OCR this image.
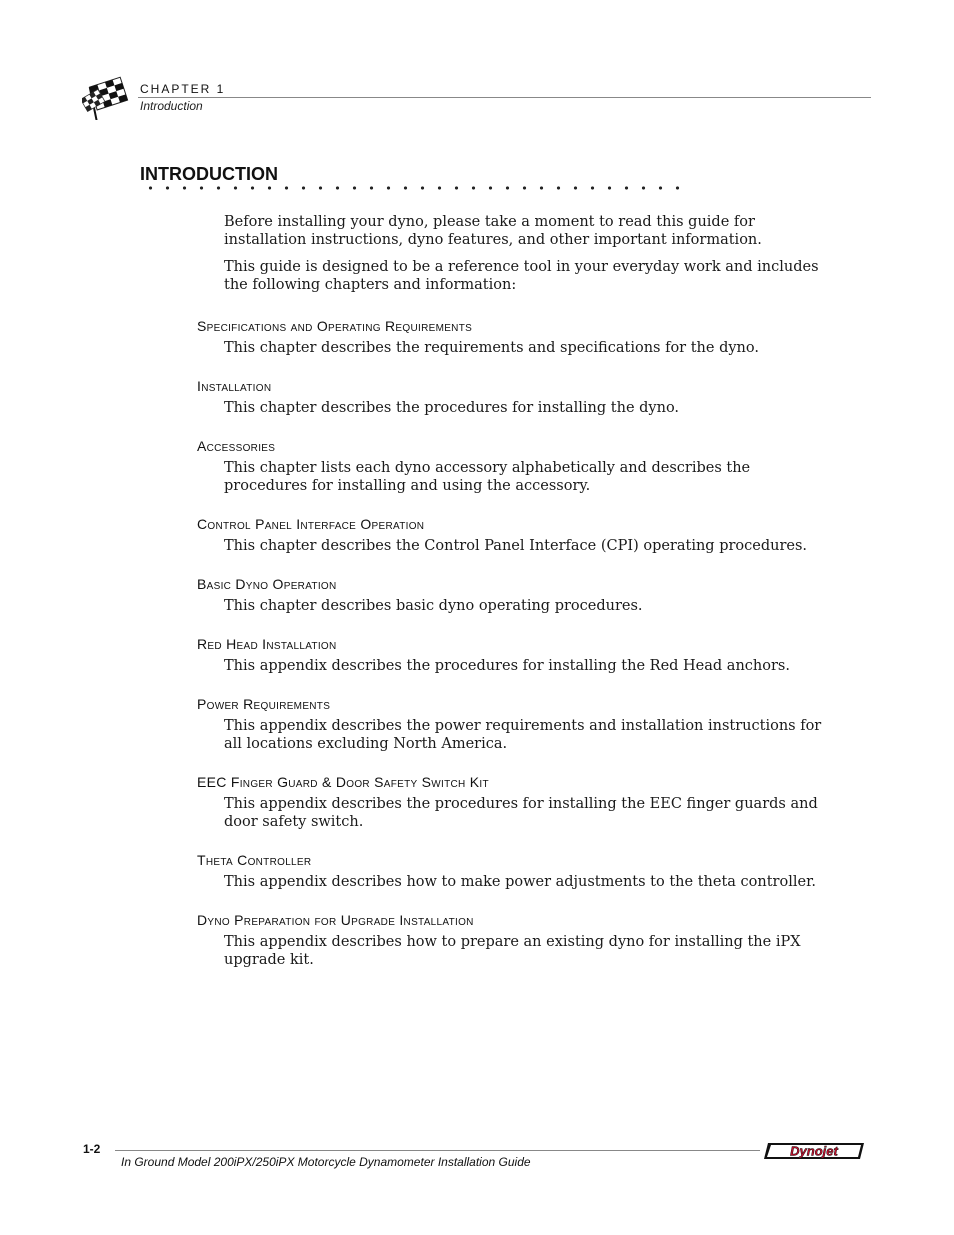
CHAPTER 1
Introduction
INTRODUCTION

Before installing your dyno, please take a moment to read this guide for installation instructions, dyno features, and other important information.

This guide is designed to be a reference tool in your everyday work and includes the following chapters and information:

Specifications and Operating Requirements
This chapter describes the requirements and specifications for the dyno.
Installation
This chapter describes the procedures for installing the dyno.
Accessories
This chapter lists each dyno accessory alphabetically and describes the procedures for installing and using the accessory.
Control Panel Interface Operation
This chapter describes the Control Panel Interface (CPI) operating procedures.
Basic Dyno Operation
This chapter describes basic dyno operating procedures.
Red Head Installation
This appendix describes the procedures for installing the Red Head anchors.
Power Requirements
This appendix describes the power requirements and installation instructions for all locations excluding North America.
EEC Finger Guard & Door Safety Switch Kit
This appendix describes the procedures for installing the EEC finger guards and door safety switch.
Theta Controller
This appendix describes how to make power adjustments to the theta controller.
Dyno Preparation for Upgrade Installation
This appendix describes how to prepare an existing dyno for installing the iPX upgrade kit.
1-2
In Ground Model 200iPX/250iPX Motorcycle Dynamometer Installation Guide
Dynojet
